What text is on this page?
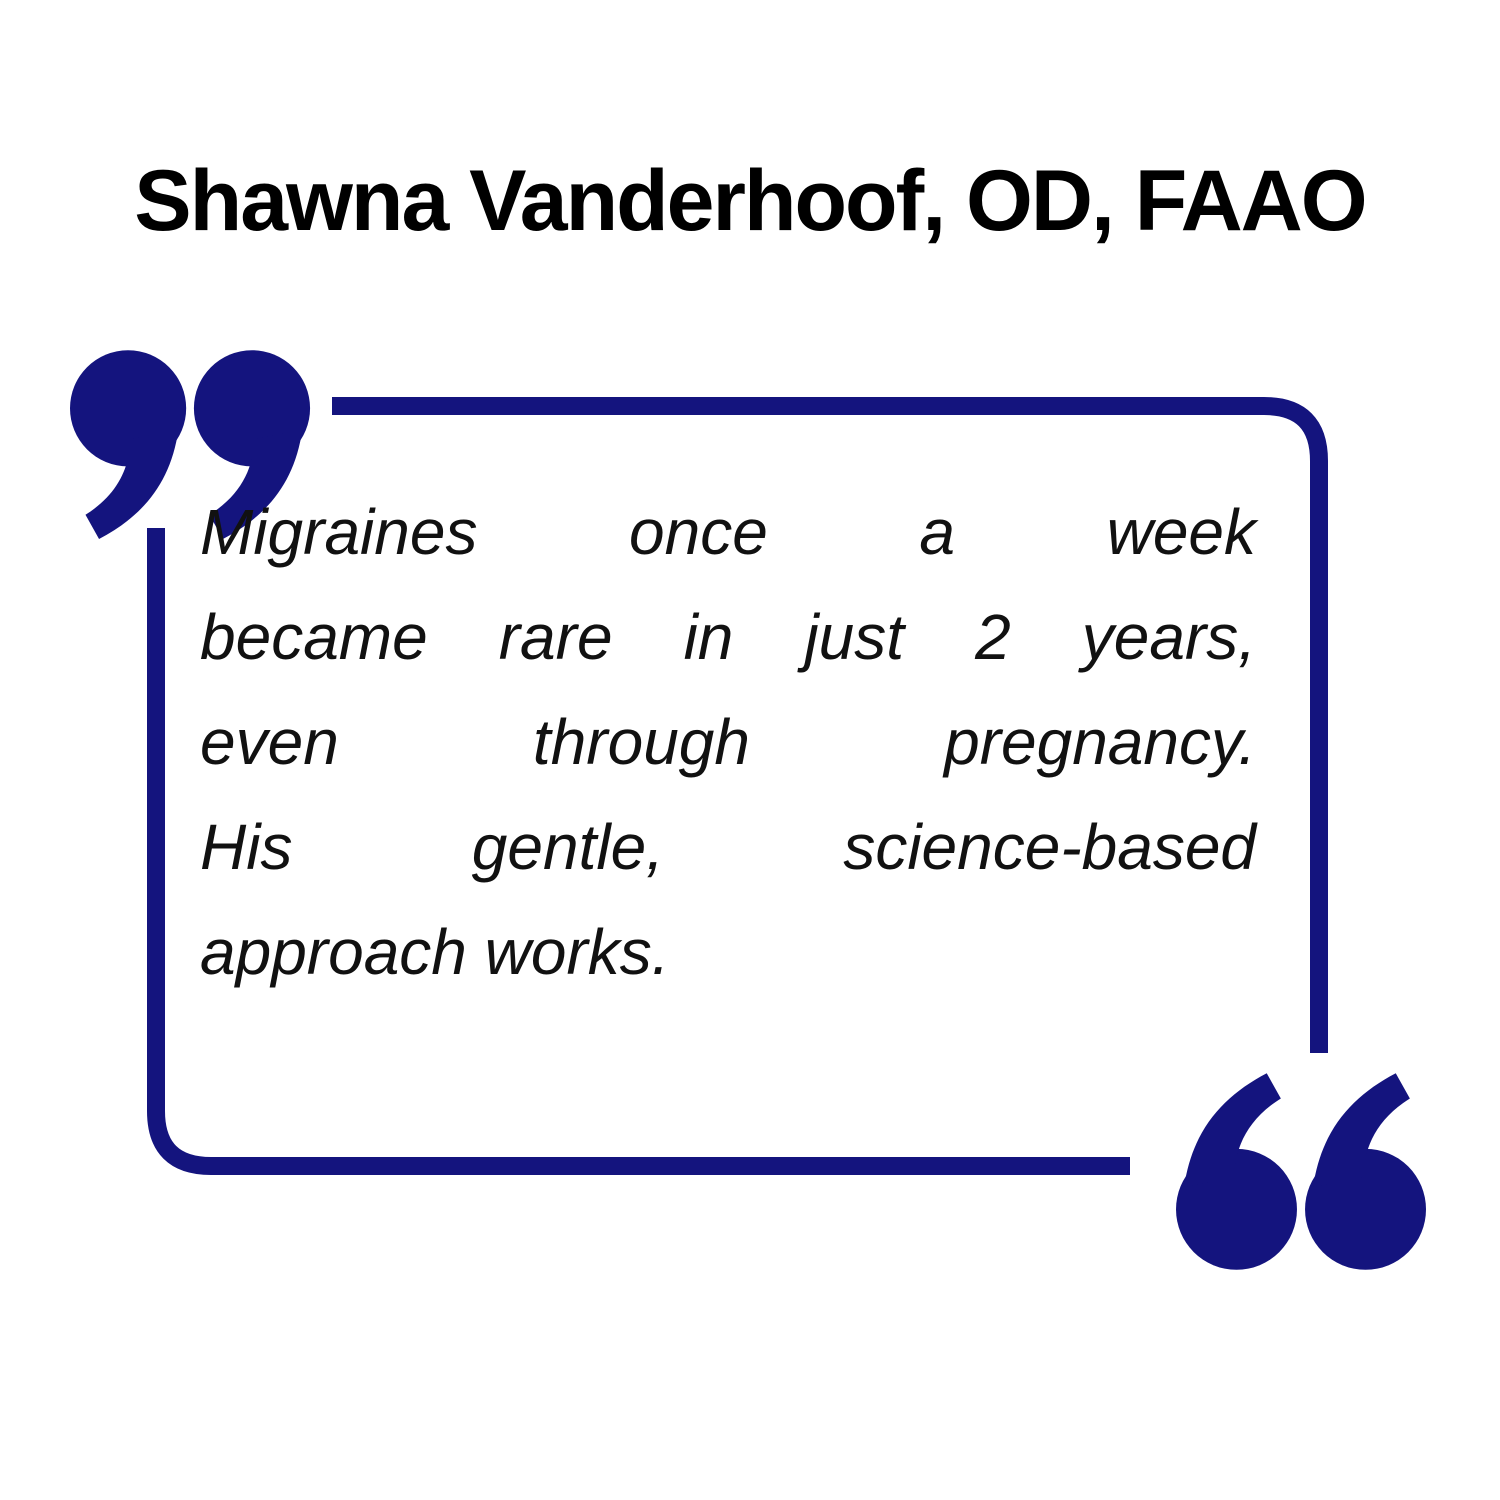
Shawna Vanderhoof, OD, FAAO
Migraines once a week
became rare in just 2 years,
even through pregnancy.
His gentle, science-based
approach works.
